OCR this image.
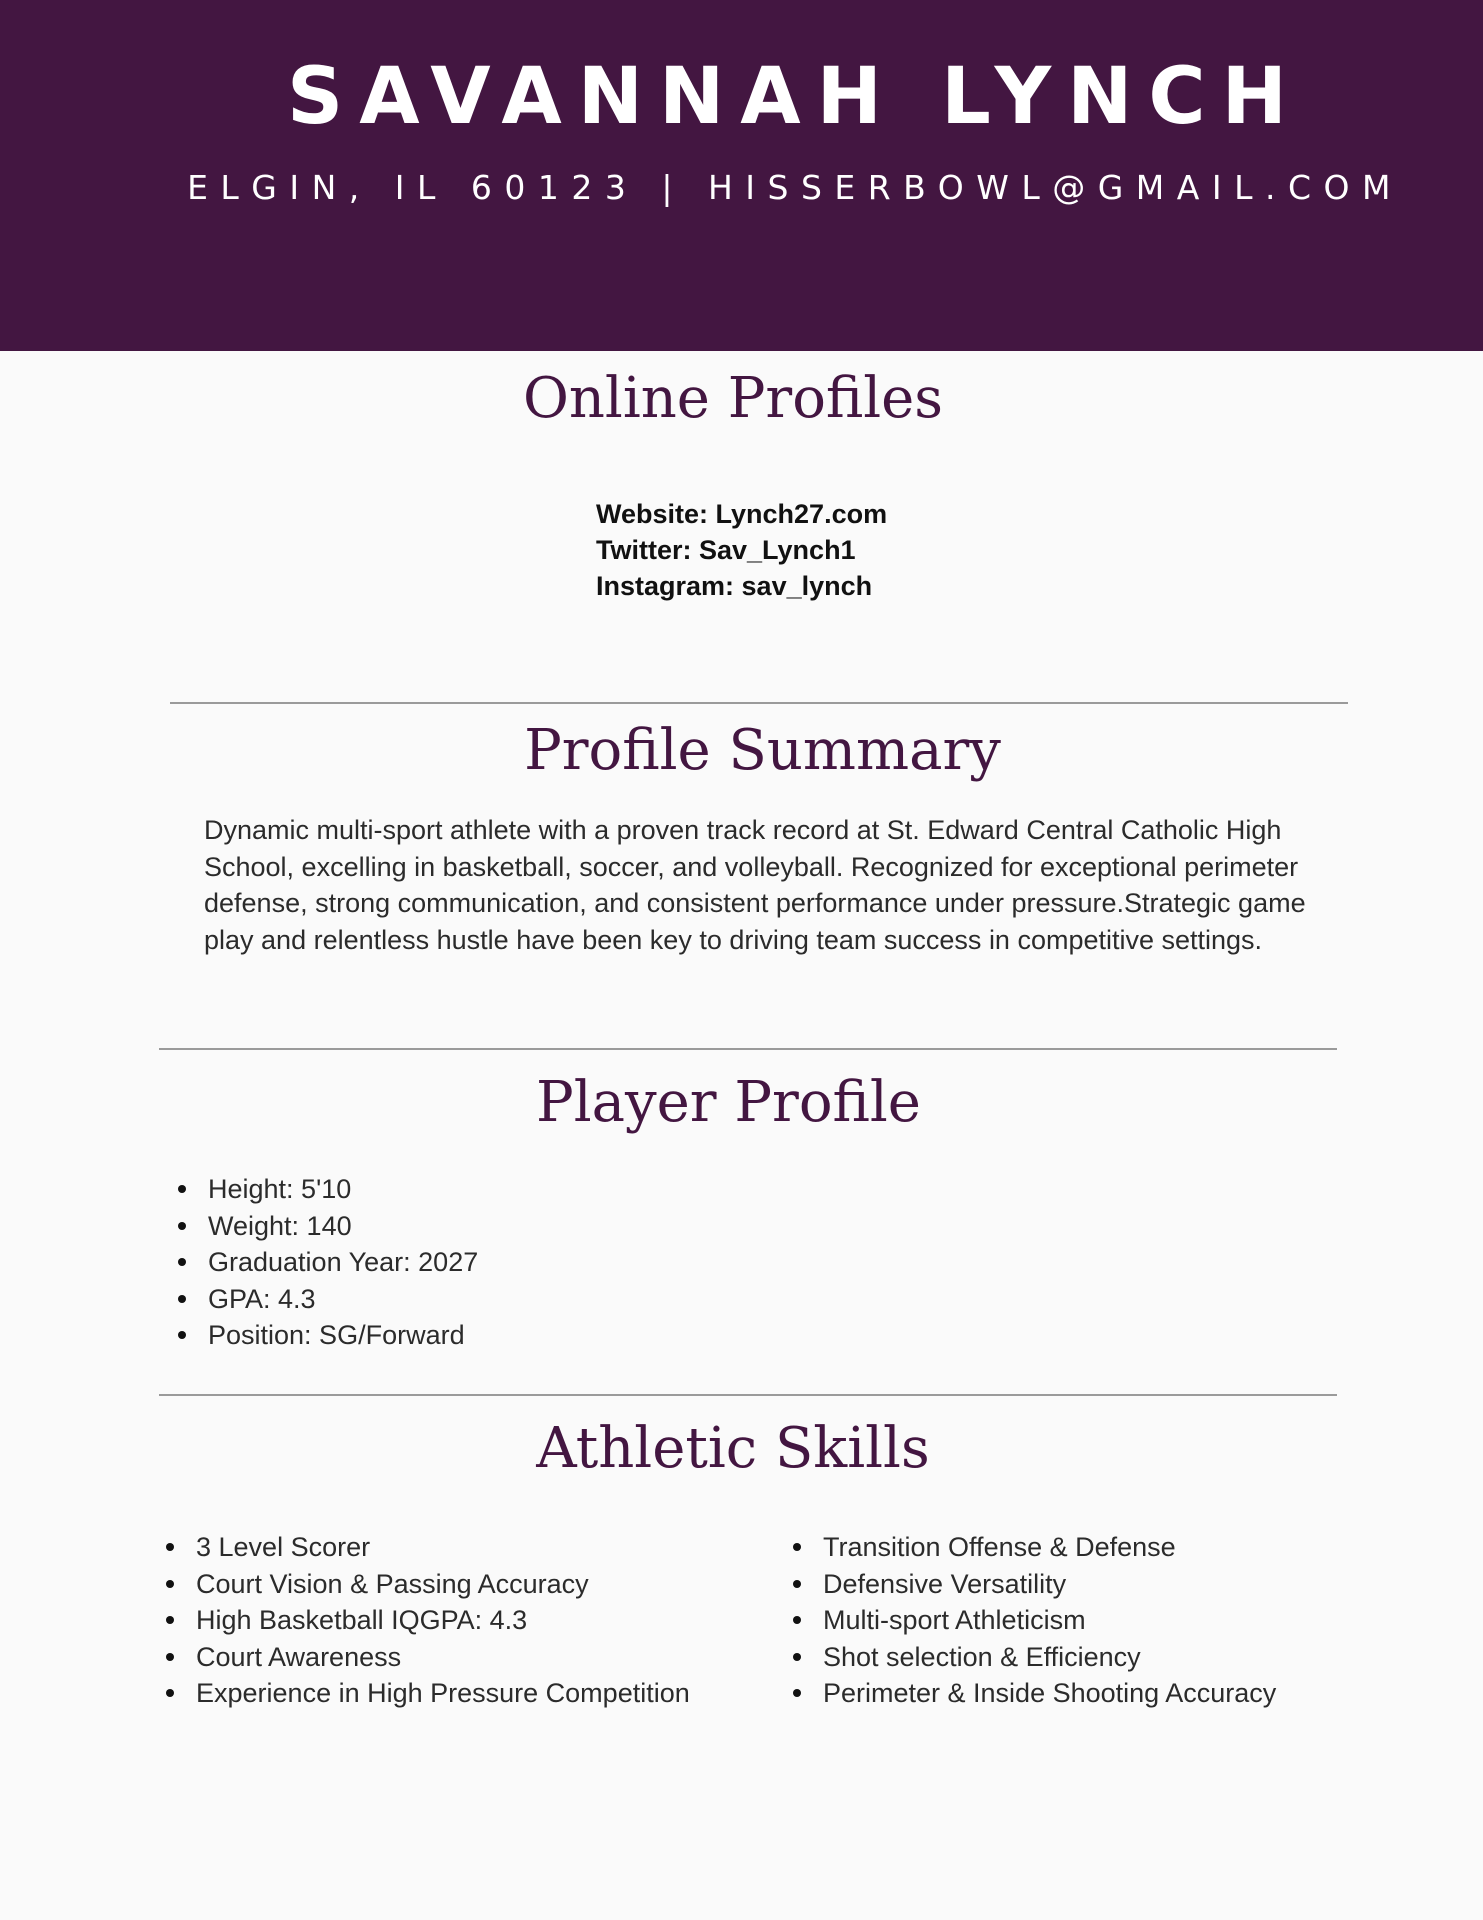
SAVANNAH LYNCH
ELGIN, IL 60123 | HISSERBOWL@GMAIL.COM
Online Profiles
Website: Lynch27.com
Twitter: Sav_Lynch1
Instagram: sav_lynch
Profile Summary
Dynamic multi-sport athlete with a proven track record at St. Edward Central Catholic High School, excelling in basketball, soccer, and volleyball. Recognized for exceptional perimeter defense, strong communication, and consistent performance under pressure.Strategic game play and relentless hustle have been key to driving team success in competitive settings.
Player Profile
Height: 5'10
Weight: 140
Graduation Year: 2027
GPA: 4.3
Position: SG/Forward
Athletic Skills
3 Level Scorer
Court Vision & Passing Accuracy
High Basketball IQGPA: 4.3
Court Awareness
Experience in High Pressure Competition
Transition Offense & Defense
Defensive Versatility
Multi-sport Athleticism
Shot selection & Efficiency
Perimeter & Inside Shooting Accuracy
